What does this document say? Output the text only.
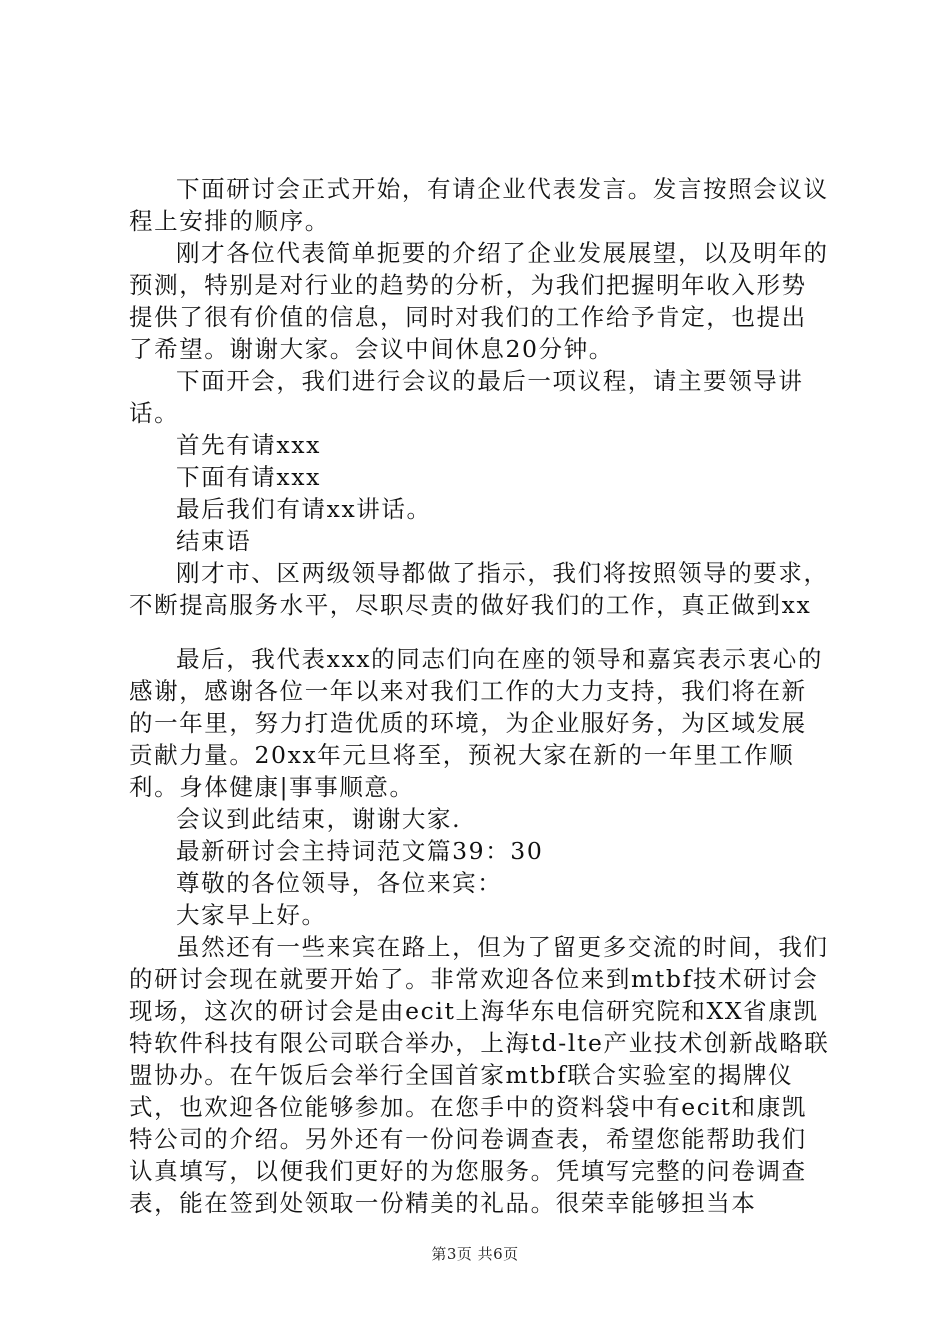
下面研讨会正式开始，有请企业代表发言。发言按照会议议程上安排的顺序。

刚才各位代表简单扼要的介绍了企业发展展望，以及明年的预测，特别是对行业的趋势的分析，为我们把握明年收入形势提供了很有价值的信息，同时对我们的工作给予肯定，也提出了希望。谢谢大家。会议中间休息20分钟。

下面开会，我们进行会议的最后一项议程，请主要领导讲话。

首先有请xxx

下面有请xxx

最后我们有请xx讲话。

结束语

刚才市、区两级领导都做了指示，我们将按照领导的要求，不断提高服务水平，尽职尽责的做好我们的工作，真正做到xx

最后，我代表xxx的同志们向在座的领导和嘉宾表示衷心的感谢，感谢各位一年以来对我们工作的大力支持，我们将在新的一年里，努力打造优质的环境，为企业服好务，为区域发展贡献力量。20xx年元旦将至，预祝大家在新的一年里工作顺利。身体健康|事事顺意。

会议到此结束，谢谢大家.

最新研讨会主持词范文篇39：30

尊敬的各位领导，各位来宾：

大家早上好。

虽然还有一些来宾在路上，但为了留更多交流的时间，我们的研讨会现在就要开始了。非常欢迎各位来到mtbf技术研讨会现场，这次的研讨会是由ecit上海华东电信研究院和XX省康凯特软件科技有限公司联合举办，上海td-lte产业技术创新战略联盟协办。在午饭后会举行全国首家mtbf联合实验室的揭牌仪式，也欢迎各位能够参加。在您手中的资料袋中有ecit和康凯特公司的介绍。另外还有一份问卷调查表，希望您能帮助我们认真填写，以便我们更好的为您服务。凭填写完整的问卷调查表，能在签到处领取一份精美的礼品。很荣幸能够担当本

第3页 共6页
